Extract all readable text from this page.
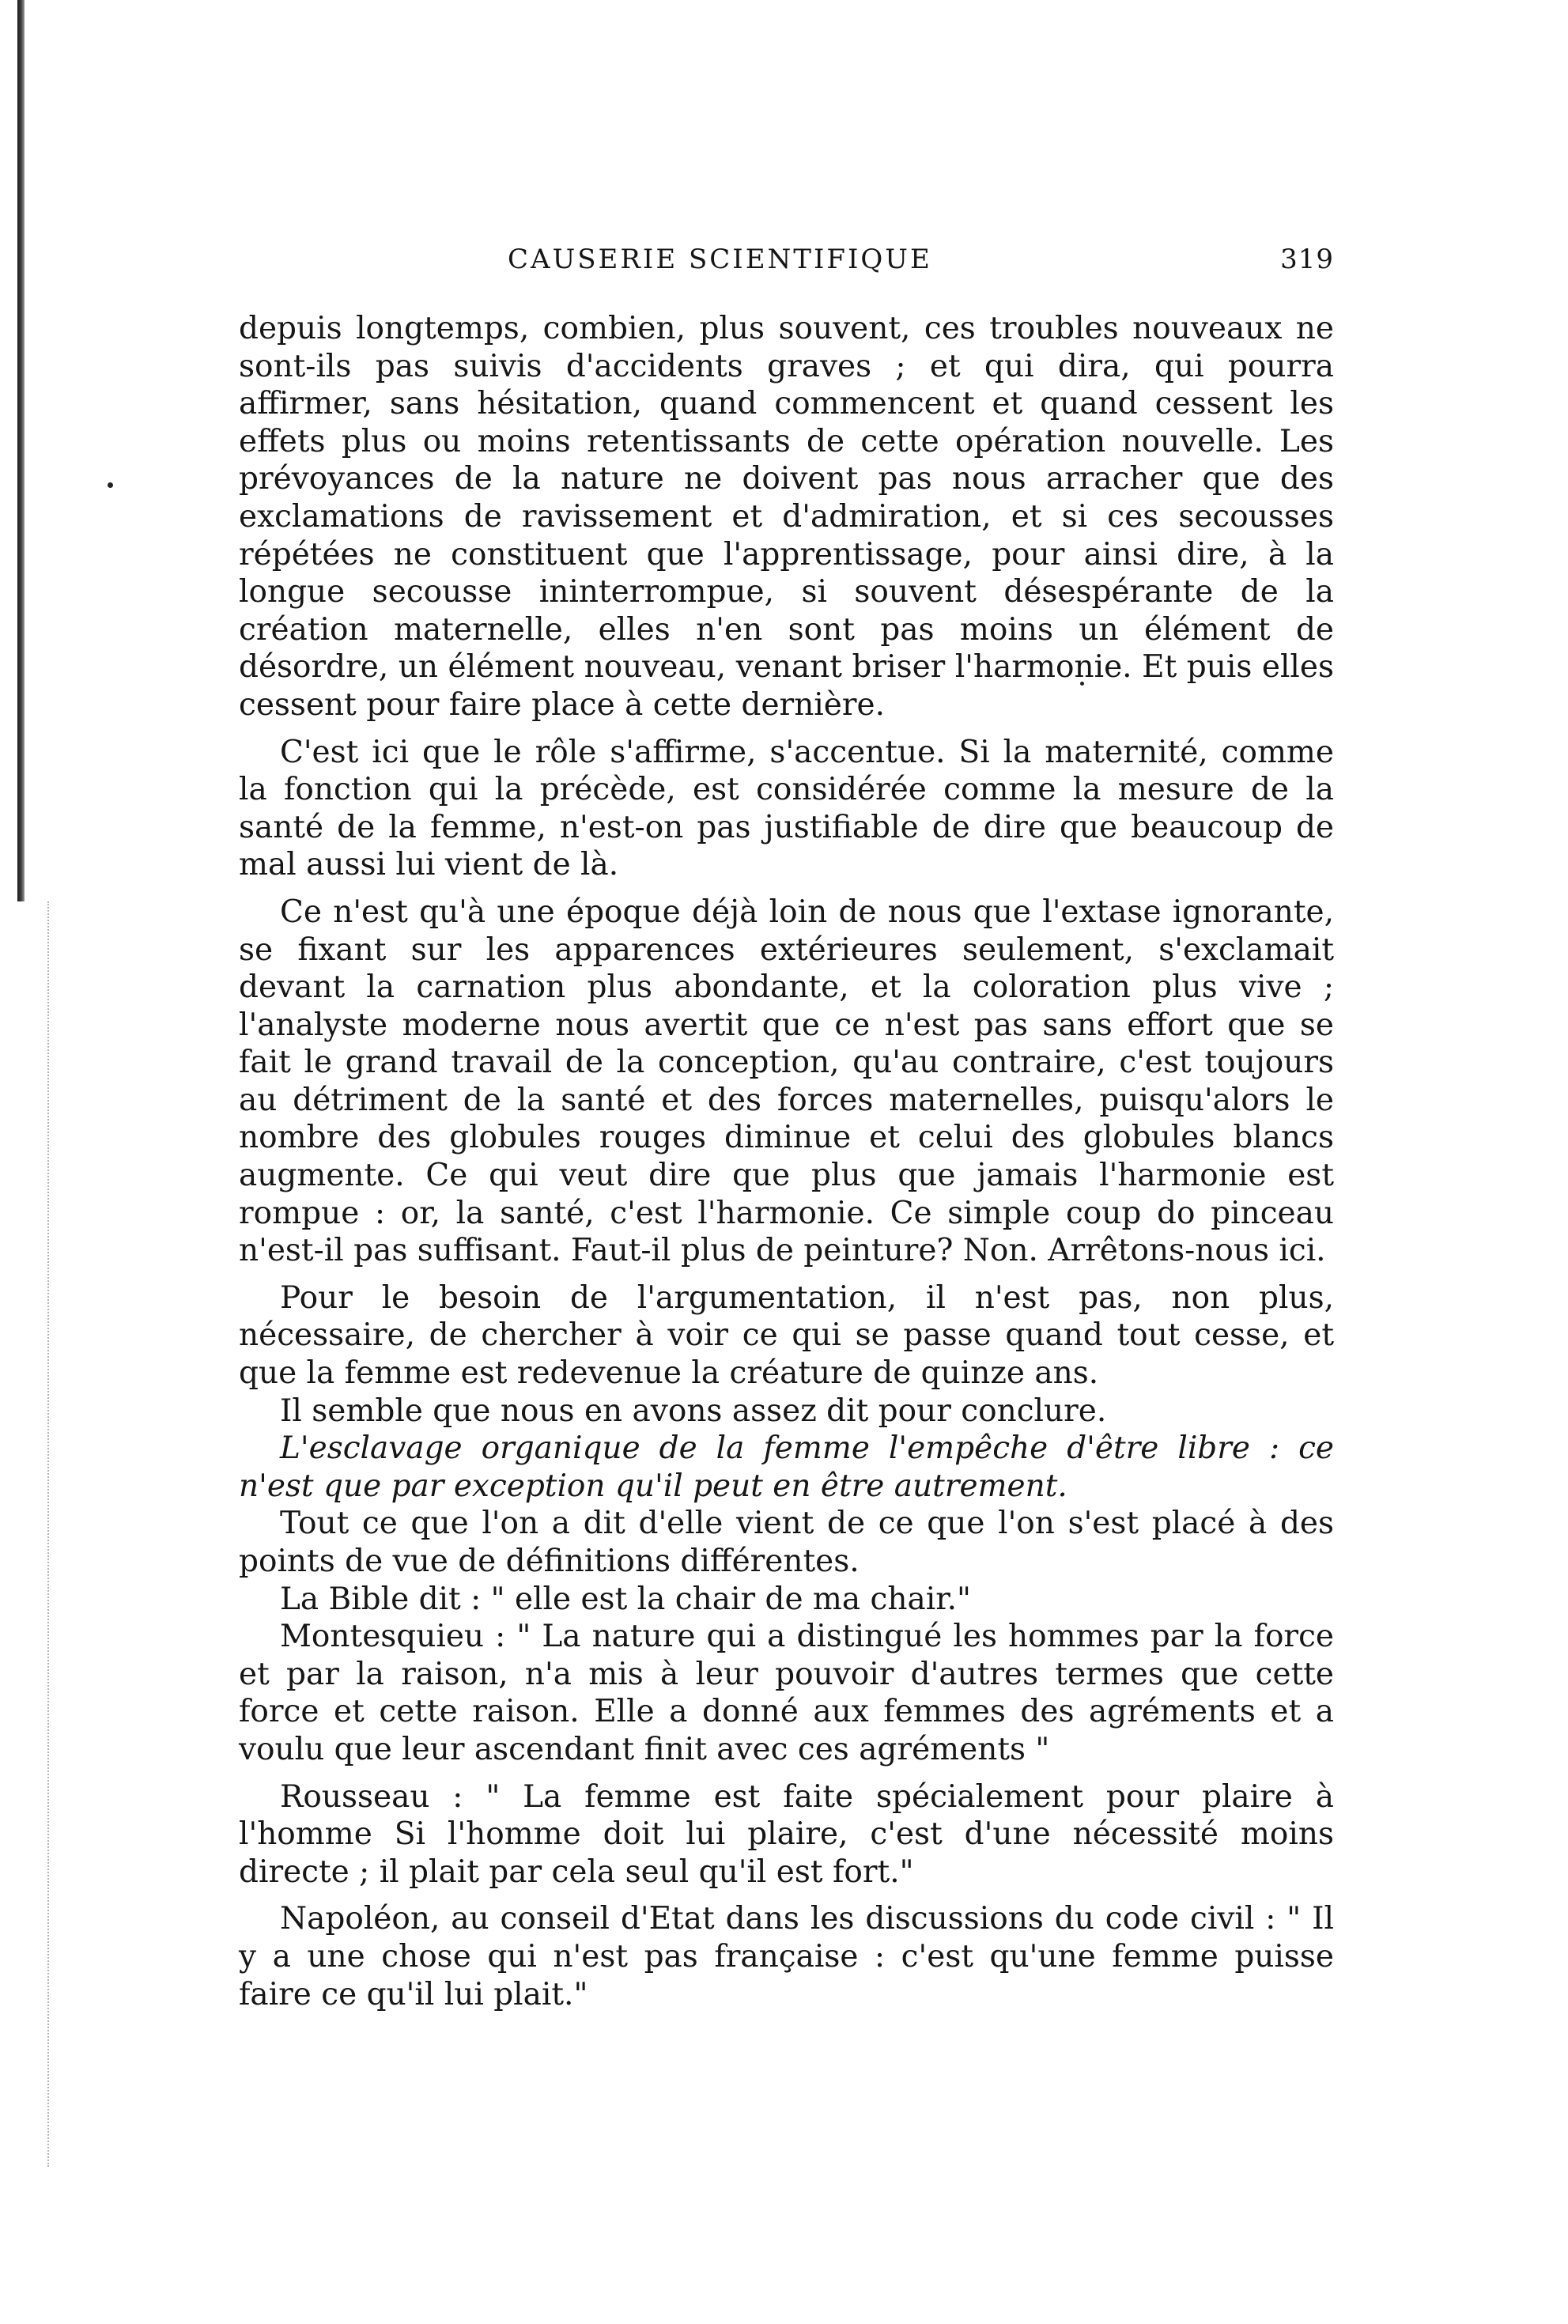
CAUSERIE SCIENTIFIQUE	319

depuis longtemps, combien, plus souvent, ces troubles nouveaux ne sont-ils pas suivis d'accidents graves ; et qui dira, qui pourra affirmer, sans hésitation, quand commencent et quand cessent les effets plus ou moins retentissants de cette opération nouvelle. Les prévoyances de la nature ne doivent pas nous arracher que des exclamations de ravissement et d'admiration, et si ces secousses répétées ne constituent que l'apprentissage, pour ainsi dire, à la longue secousse ininterrompue, si souvent désespérante de la création maternelle, elles n'en sont pas moins un élément de désordre, un élément nouveau, venant briser l'harmonie. Et puis elles cessent pour faire place à cette dernière.

C'est ici que le rôle s'affirme, s'accentue. Si la maternité, comme la fonction qui la précède, est considérée comme la mesure de la santé de la femme, n'est-on pas justifiable de dire que beaucoup de mal aussi lui vient de là.

Ce n'est qu'à une époque déjà loin de nous que l'extase ignorante, se fixant sur les apparences extérieures seulement, s'exclamait devant la carnation plus abondante, et la coloration plus vive ; l'analyste moderne nous avertit que ce n'est pas sans effort que se fait le grand travail de la conception, qu'au contraire, c'est toujours au détriment de la santé et des forces maternelles, puisqu'alors le nombre des globules rouges diminue et celui des globules blancs augmente. Ce qui veut dire que plus que jamais l'harmonie est rompue : or, la santé, c'est l'harmonie. Ce simple coup do pinceau n'est-il pas suffisant. Faut-il plus de peinture? Non. Arrêtons-nous ici.

Pour le besoin de l'argumentation, il n'est pas, non plus, nécessaire, de chercher à voir ce qui se passe quand tout cesse, et que la femme est redevenue la créature de quinze ans.

Il semble que nous en avons assez dit pour conclure.

L'esclavage organique de la femme l'empêche d'être libre : ce n'est que par exception qu'il peut en être autrement.

Tout ce que l'on a dit d'elle vient de ce que l'on s'est placé à des points de vue de définitions différentes.

La Bible dit : " elle est la chair de ma chair."

Montesquieu : " La nature qui a distingué les hommes par la force et par la raison, n'a mis à leur pouvoir d'autres termes que cette force et cette raison. Elle a donné aux femmes des agréments et a voulu que leur ascendant finit avec ces agréments "

Rousseau : " La femme est faite spécialement pour plaire à l'homme Si l'homme doit lui plaire, c'est d'une nécessité moins directe ; il plait par cela seul qu'il est fort."

Napoléon, au conseil d'Etat dans les discussions du code civil : " Il y a une chose qui n'est pas française : c'est qu'une femme puisse faire ce qu'il lui plait."
